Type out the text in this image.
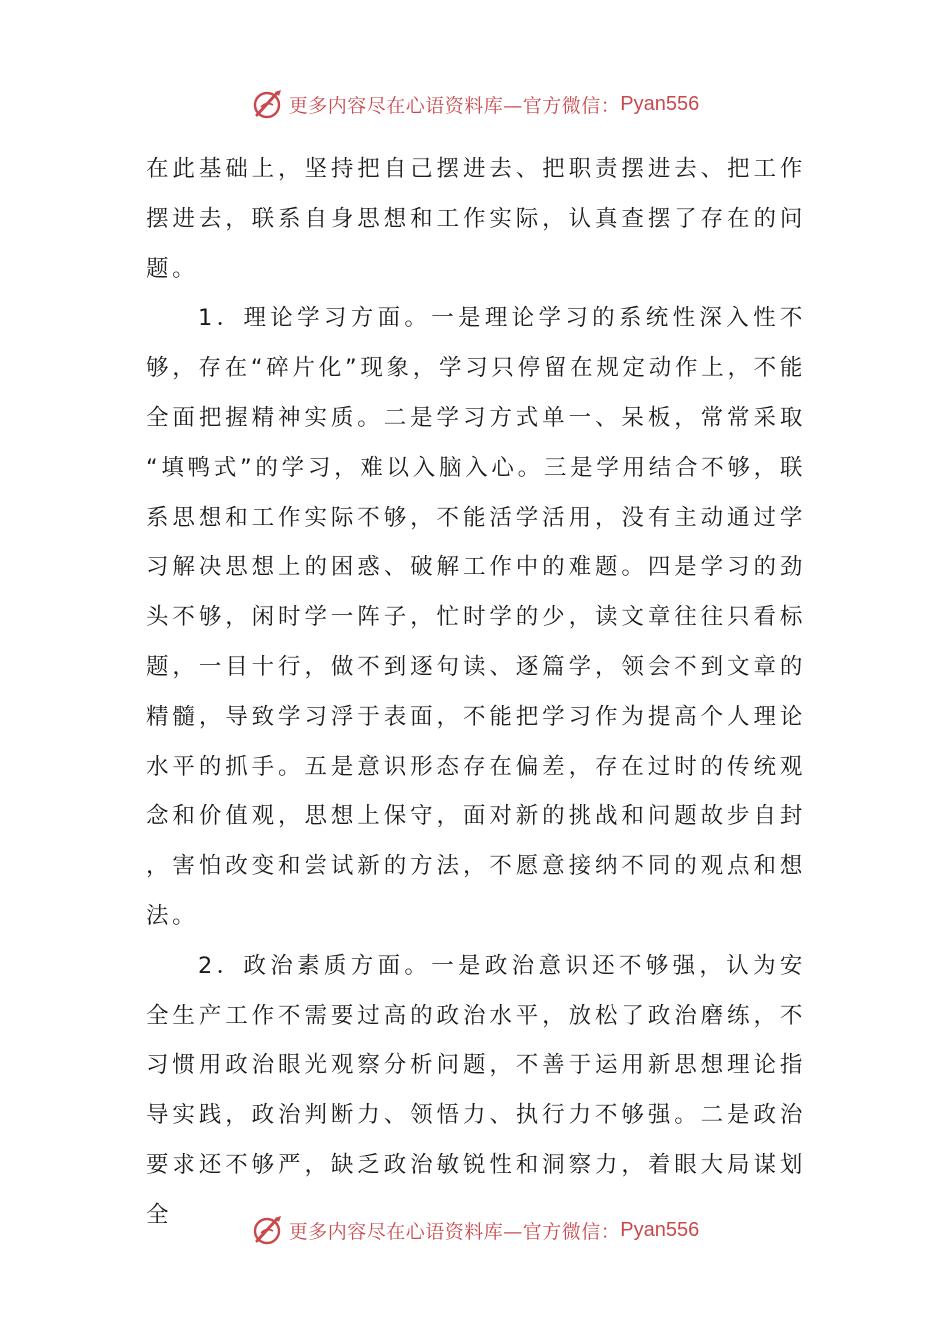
更多内容尽在心语资料库— 官方微信： Pyan556

在此基础上，坚持把自己摆进去、把职责摆进去、把工作摆进去，联系自身思想和工作实际，认真查摆了存在的问题。

1．理论学习方面。一是理论学习的系统性深入性不够，存在“碎片化”现象，学习只停留在规定动作上，不能全面把握精神实质。二是学习方式单一、呆板，常常采取“填鸭式”的学习，难以入脑入心。三是学用结合不够，联系思想和工作实际不够，不能活学活用，没有主动通过学习解决思想上的困惑、破解工作中的难题。四是学习的劲头不够，闲时学一阵子，忙时学的少，读文章往往只看标题，一目十行，做不到逐句读、逐篇学，领会不到文章的精髓，导致学习浮于表面，不能把学习作为提高个人理论水平的抓手。五是意识形态存在偏差，存在过时的传统观念和价值观，思想上保守，面对新的挑战和问题故步自封，害怕改变和尝试新的方法，不愿意接纳不同的观点和想法。

2．政治素质方面。一是政治意识还不够强，认为安全生产工作不需要过高的政治水平，放松了政治磨练，不习惯用政治眼光观察分析问题，不善于运用新思想理论指导实践，政治判断力、领悟力、执行力不够强。二是政治要求还不够严，缺乏政治敏锐性和洞察力，着眼大局谋划全

更多内容尽在心语资料库— 官方微信： Pyan556
